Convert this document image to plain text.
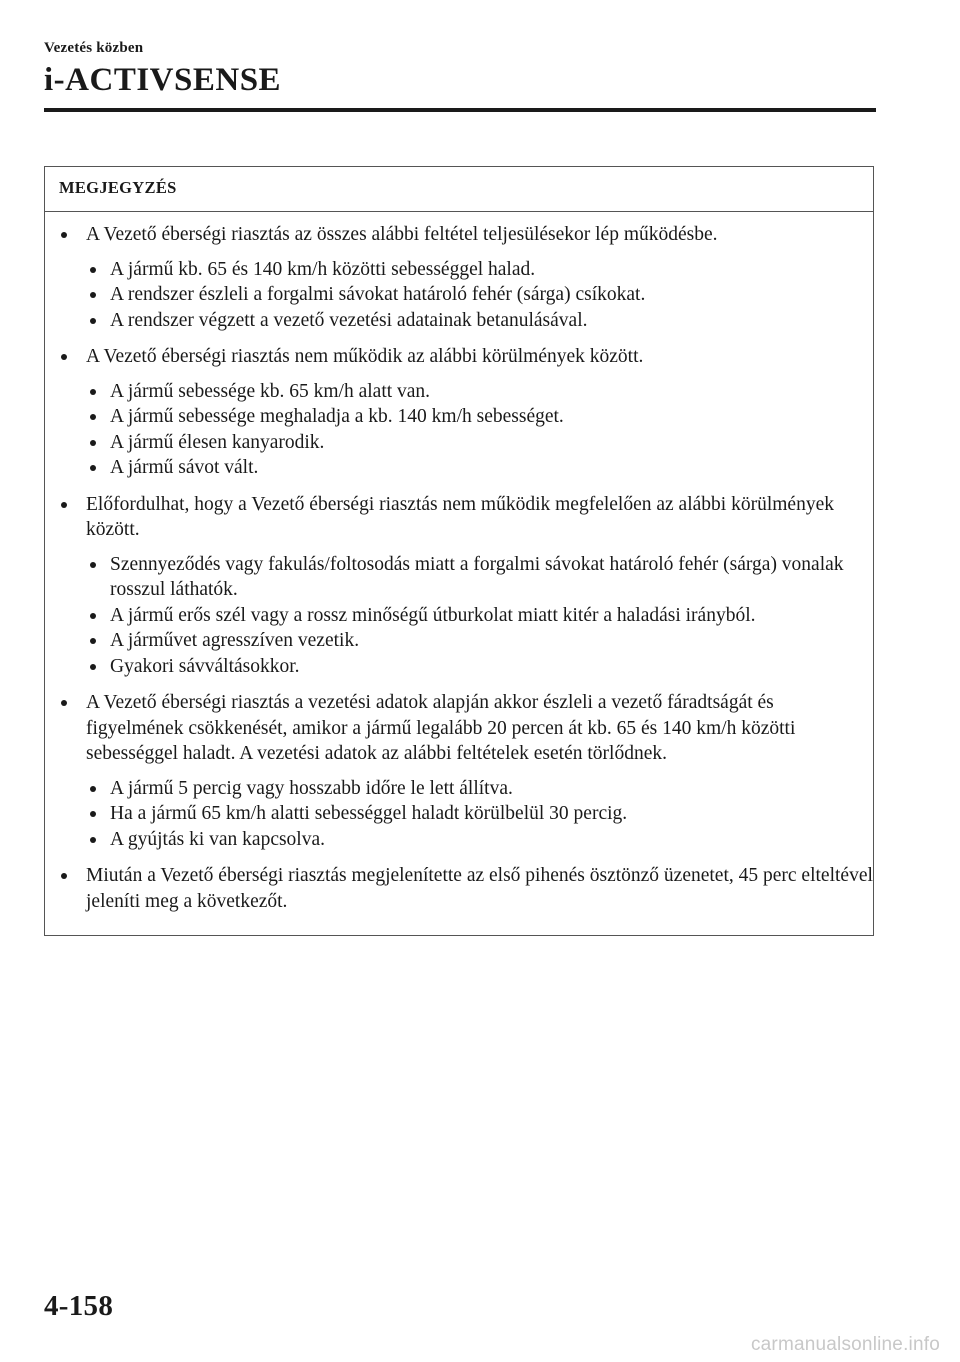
Vezetés közben
i-ACTIVSENSE
MEGJEGYZÉS
A Vezető éberségi riasztás az összes alábbi feltétel teljesülésekor lép működésbe.
A jármű kb. 65 és 140 km/h közötti sebességgel halad.
A rendszer észleli a forgalmi sávokat határoló fehér (sárga) csíkokat.
A rendszer végzett a vezető vezetési adatainak betanulásával.
A Vezető éberségi riasztás nem működik az alábbi körülmények között.
A jármű sebessége kb. 65 km/h alatt van.
A jármű sebessége meghaladja a kb. 140 km/h sebességet.
A jármű élesen kanyarodik.
A jármű sávot vált.
Előfordulhat, hogy a Vezető éberségi riasztás nem működik megfelelően az alábbi körülmények között.
Szennyeződés vagy fakulás/foltosodás miatt a forgalmi sávokat határoló fehér (sárga) vonalak rosszul láthatók.
A jármű erős szél vagy a rossz minőségű útburkolat miatt kitér a haladási irányból.
A járművet agresszíven vezetik.
Gyakori sávváltásokkor.
A Vezető éberségi riasztás a vezetési adatok alapján akkor észleli a vezető fáradtságát és figyelmének csökkenését, amikor a jármű legalább 20 percen át kb. 65 és 140 km/h közötti sebességgel haladt. A vezetési adatok az alábbi feltételek esetén törlődnek.
A jármű 5 percig vagy hosszabb időre le lett állítva.
Ha a jármű 65 km/h alatti sebességgel haladt körülbelül 30 percig.
A gyújtás ki van kapcsolva.
Miután a Vezető éberségi riasztás megjelenítette az első pihenés ösztönző üzenetet, 45 perc elteltével jeleníti meg a következőt.
4-158
carmanualsonline.info
